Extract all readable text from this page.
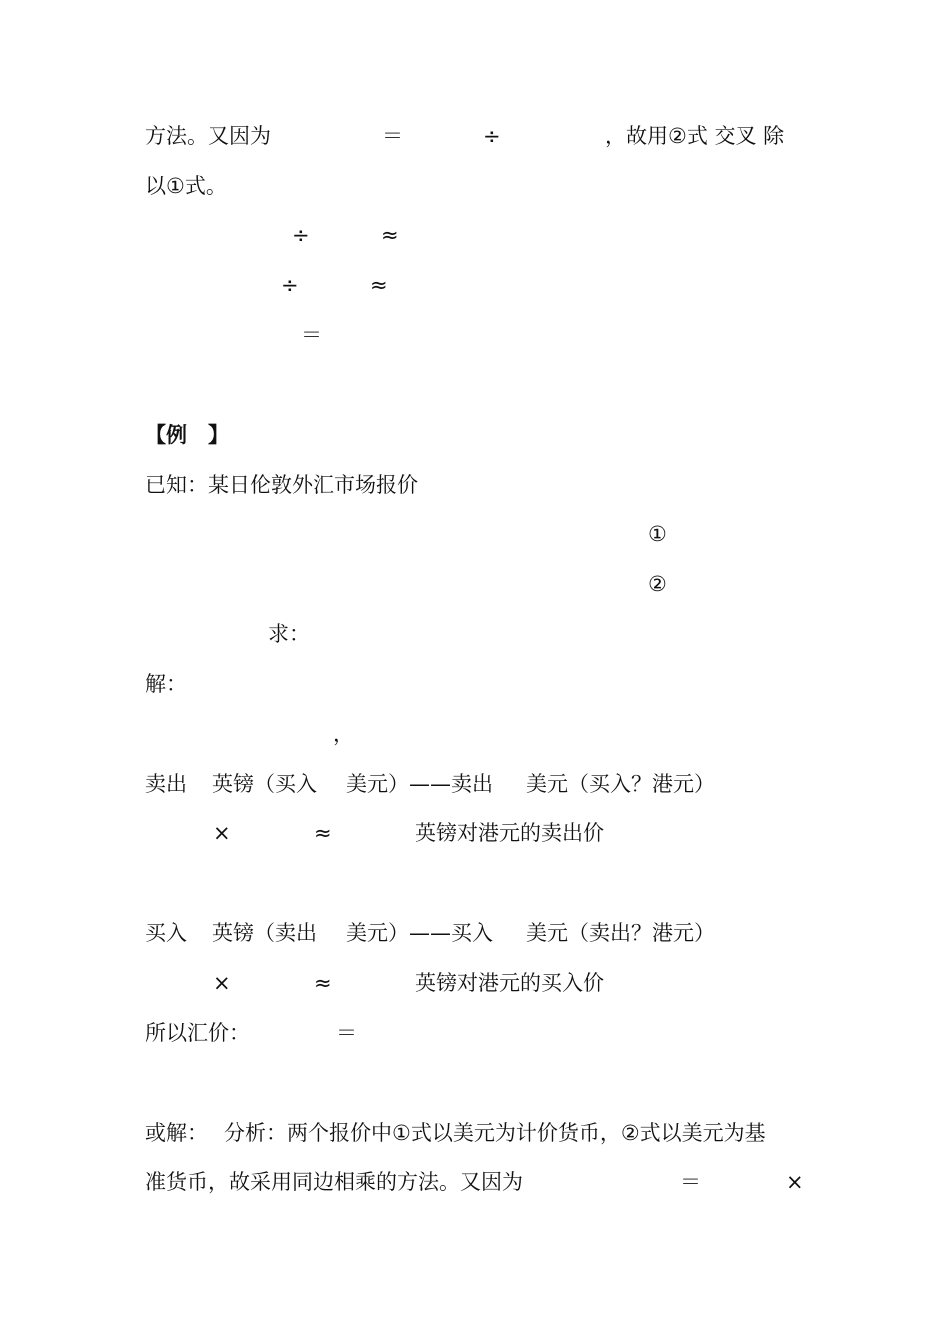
方法。又因为	＝	÷	，故用②式 交叉 除
以①式。
÷	≈
÷	≈
＝
【例 】
已知：某日伦敦外汇市场报价
①
②
求：
解：
，
卖出 英镑（买入 美元）——卖出 美元（买入？港元）
×	≈	英镑对港元的卖出价
买入 英镑（卖出 美元）——买入 美元（卖出？港元）
×	≈	英镑对港元的买入价
所以汇价：	＝
或解： 分析：两个报价中①式以美元为计价货币，②式以美元为基
准货币，故采用同边相乘的方法。又因为	＝	×
